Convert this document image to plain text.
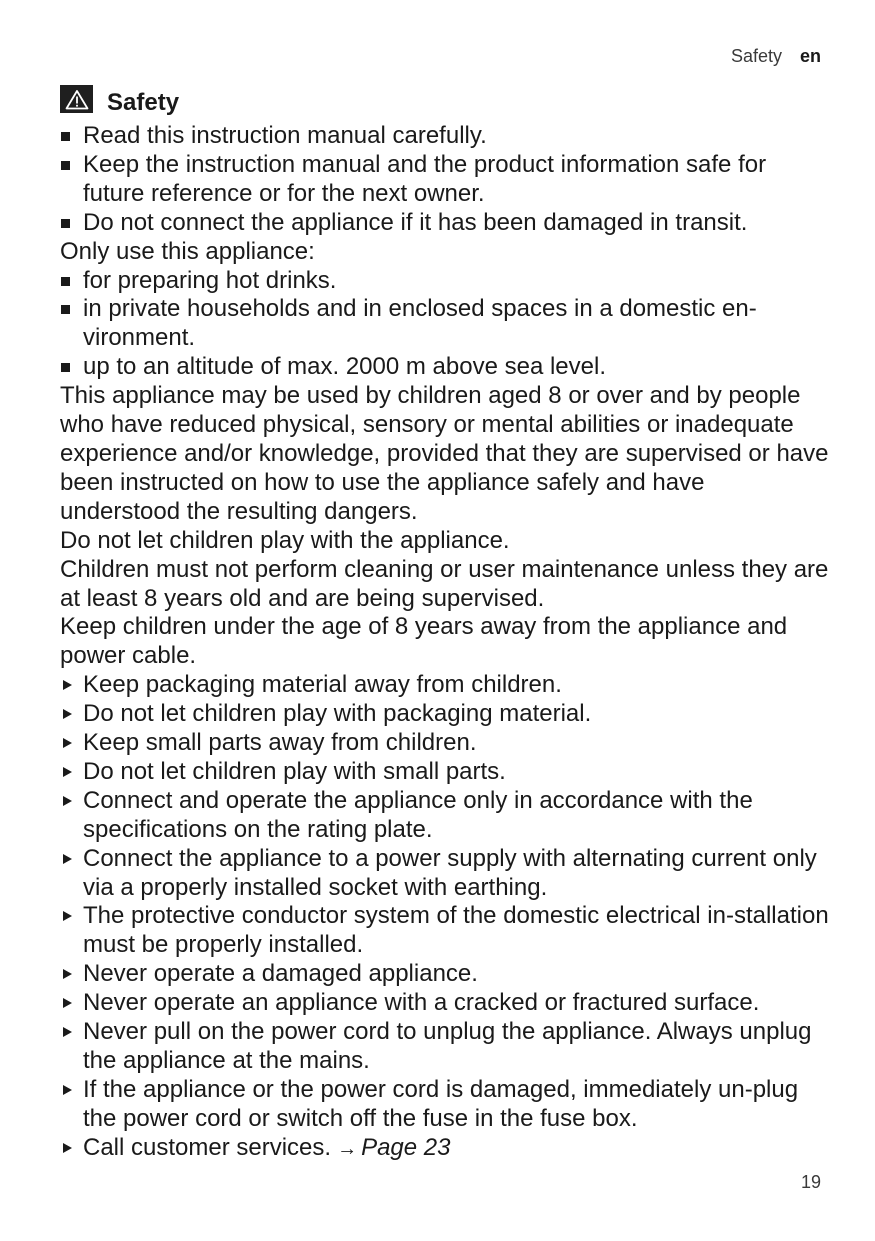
Safety en
Safety
Read this instruction manual carefully.
Keep the instruction manual and the product information safe for future reference or for the next owner.
Do not connect the appliance if it has been damaged in transit.
Only use this appliance:
for preparing hot drinks.
in private households and in enclosed spaces in a domestic en-vironment.
up to an altitude of max. 2000 m above sea level.
This appliance may be used by children aged 8 or over and by people who have reduced physical, sensory or mental abilities or inadequate experience and/or knowledge, provided that they are supervised or have been instructed on how to use the appliance safely and have understood the resulting dangers.
Do not let children play with the appliance.
Children must not perform cleaning or user maintenance unless they are at least 8 years old and are being supervised.
Keep children under the age of 8 years away from the appliance and power cable.
Keep packaging material away from children.
Do not let children play with packaging material.
Keep small parts away from children.
Do not let children play with small parts.
Connect and operate the appliance only in accordance with the specifications on the rating plate.
Connect the appliance to a power supply with alternating current only via a properly installed socket with earthing.
The protective conductor system of the domestic electrical in-stallation must be properly installed.
Never operate a damaged appliance.
Never operate an appliance with a cracked or fractured surface.
Never pull on the power cord to unplug the appliance. Always unplug the appliance at the mains.
If the appliance or the power cord is damaged, immediately un-plug the power cord or switch off the fuse in the fuse box.
Call customer services. → Page 23
19
